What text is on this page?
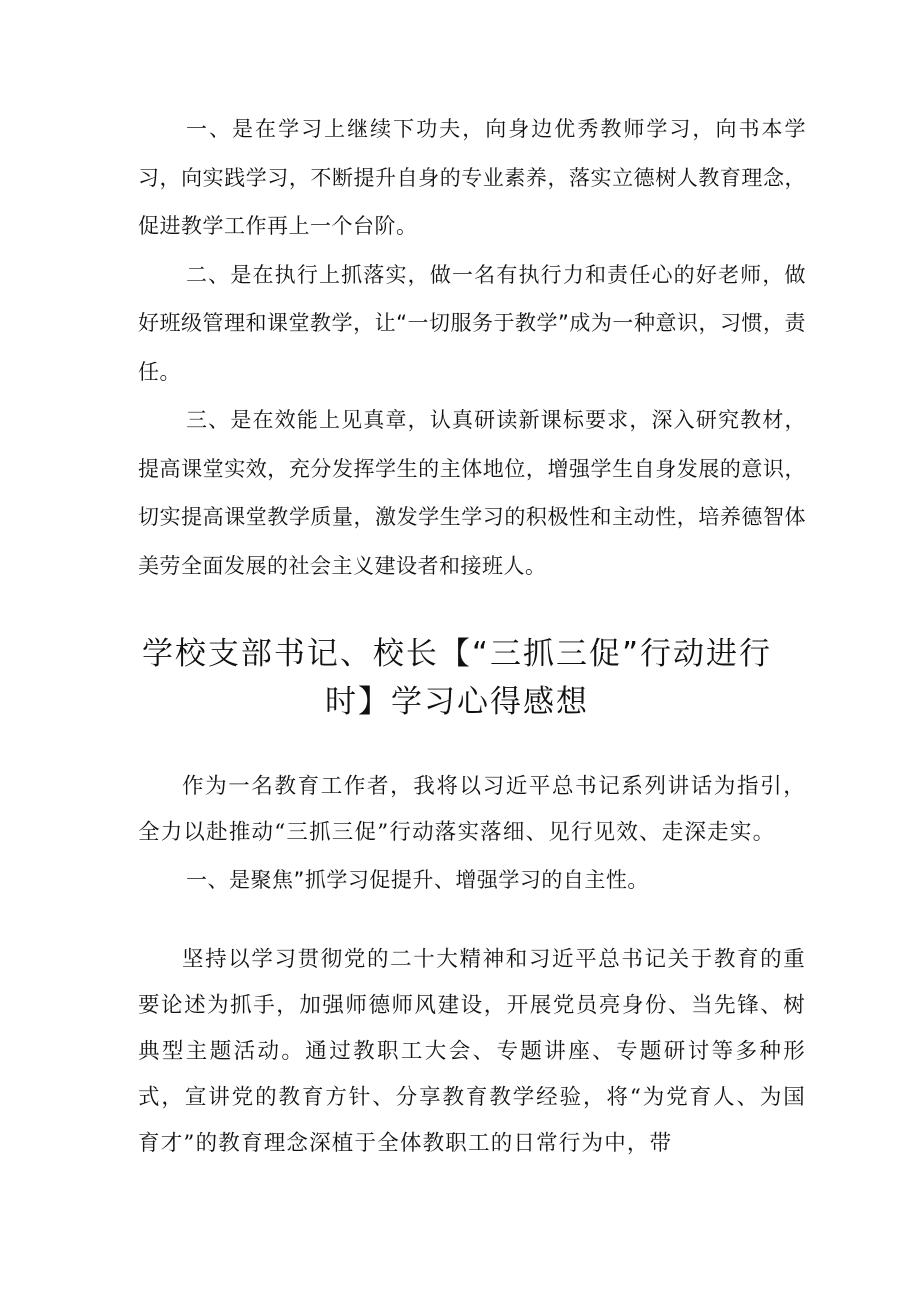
一、是在学习上继续下功夫，向身边优秀教师学习，向书本学习，向实践学习，不断提升自身的专业素养，落实立德树人教育理念，促进教学工作再上一个台阶。

二、是在执行上抓落实，做一名有执行力和责任心的好老师，做好班级管理和课堂教学，让“一切服务于教学”成为一种意识，习惯，责任。

三、是在效能上见真章，认真研读新课标要求，深入研究教材，提高课堂实效，充分发挥学生的主体地位，增强学生自身发展的意识，切实提高课堂教学质量，激发学生学习的积极性和主动性，培养德智体美劳全面发展的社会主义建设者和接班人。

学校支部书记、校长【“三抓三促”行动进行时】学习心得感想

作为一名教育工作者，我将以习近平总书记系列讲话为指引，全力以赴推动“三抓三促”行动落实落细、见行见效、走深走实。

一、是聚焦”抓学习促提升、增强学习的自主性。

坚持以学习贯彻党的二十大精神和习近平总书记关于教育的重要论述为抓手，加强师德师风建设，开展党员亮身份、当先锋、树典型主题活动。通过教职工大会、专题讲座、专题研讨等多种形式，宣讲党的教育方针、分享教育教学经验，将“为党育人、为国育才”的教育理念深植于全体教职工的日常行为中，带
